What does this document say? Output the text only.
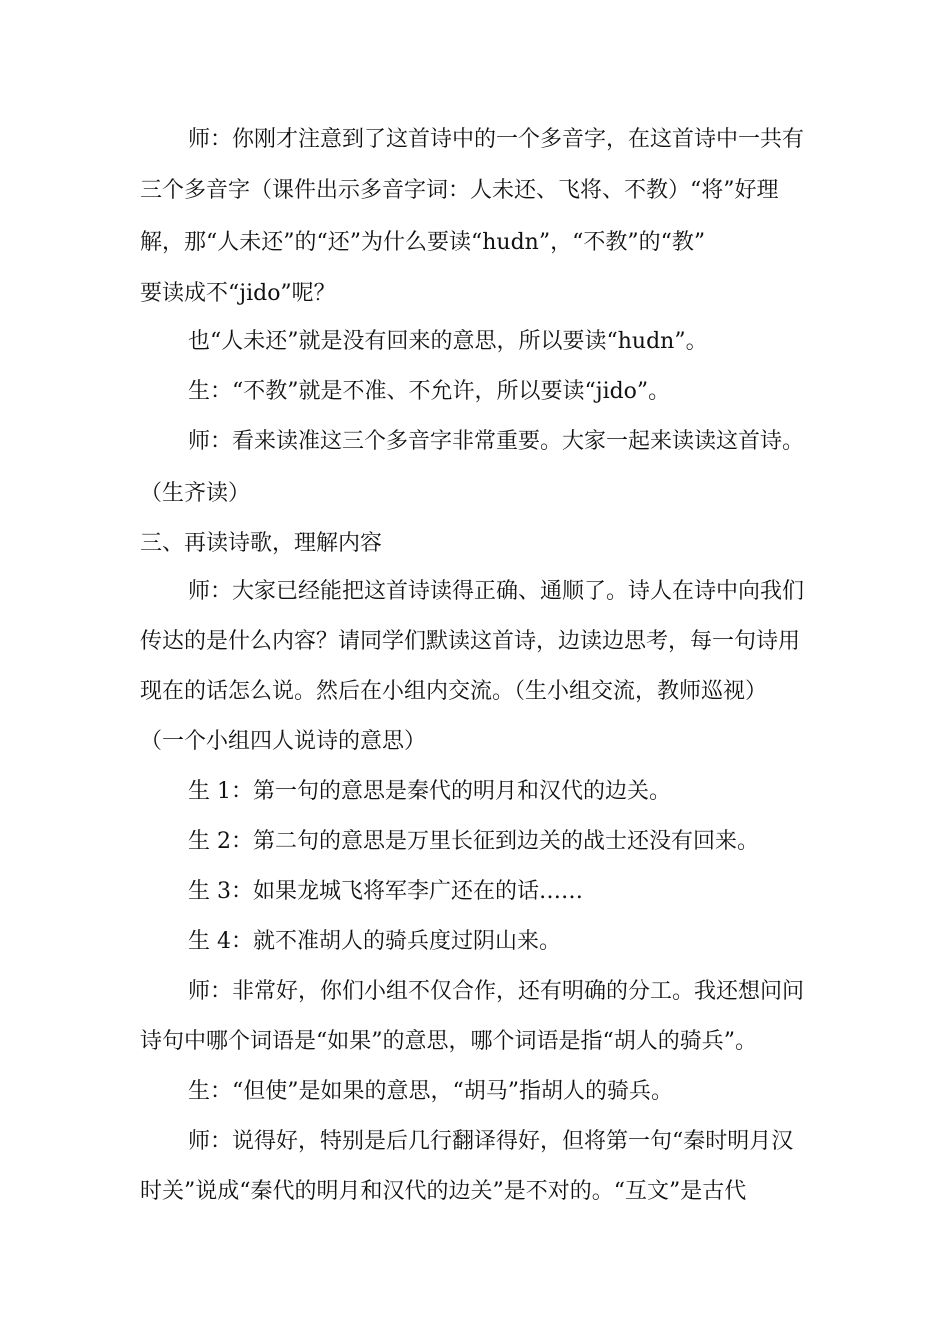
师：你刚才注意到了这首诗中的一个多音字，在这首诗中一共有
三个多音字（课件出示多音字词：人未还、飞将、不教）“将”好理
解，那“人未还”的“还”为什么要读“hudn”，“不教”的“教”
要读成不“jido”呢？
也“人未还”就是没有回来的意思，所以要读“hudn”。
生：“不教”就是不准、不允许，所以要读“jido”。
师：看来读准这三个多音字非常重要。大家一起来读读这首诗。
（生齐读）
三、再读诗歌，理解内容
师：大家已经能把这首诗读得正确、通顺了。诗人在诗中向我们
传达的是什么内容？请同学们默读这首诗，边读边思考，每一句诗用
现在的话怎么说。然后在小组内交流。（生小组交流，教师巡视）
（一个小组四人说诗的意思）
生 1：第一句的意思是秦代的明月和汉代的边关。
生 2：第二句的意思是万里长征到边关的战士还没有回来。
生 3：如果龙城飞将军李广还在的话……
生 4：就不准胡人的骑兵度过阴山来。
师：非常好，你们小组不仅合作，还有明确的分工。我还想问问
诗句中哪个词语是“如果”的意思，哪个词语是指“胡人的骑兵”。
生：“但使”是如果的意思，“胡马”指胡人的骑兵。
师：说得好，特别是后几行翻译得好，但将第一句“秦时明月汉
时关”说成“秦代的明月和汉代的边关”是不对的。“互文”是古代
